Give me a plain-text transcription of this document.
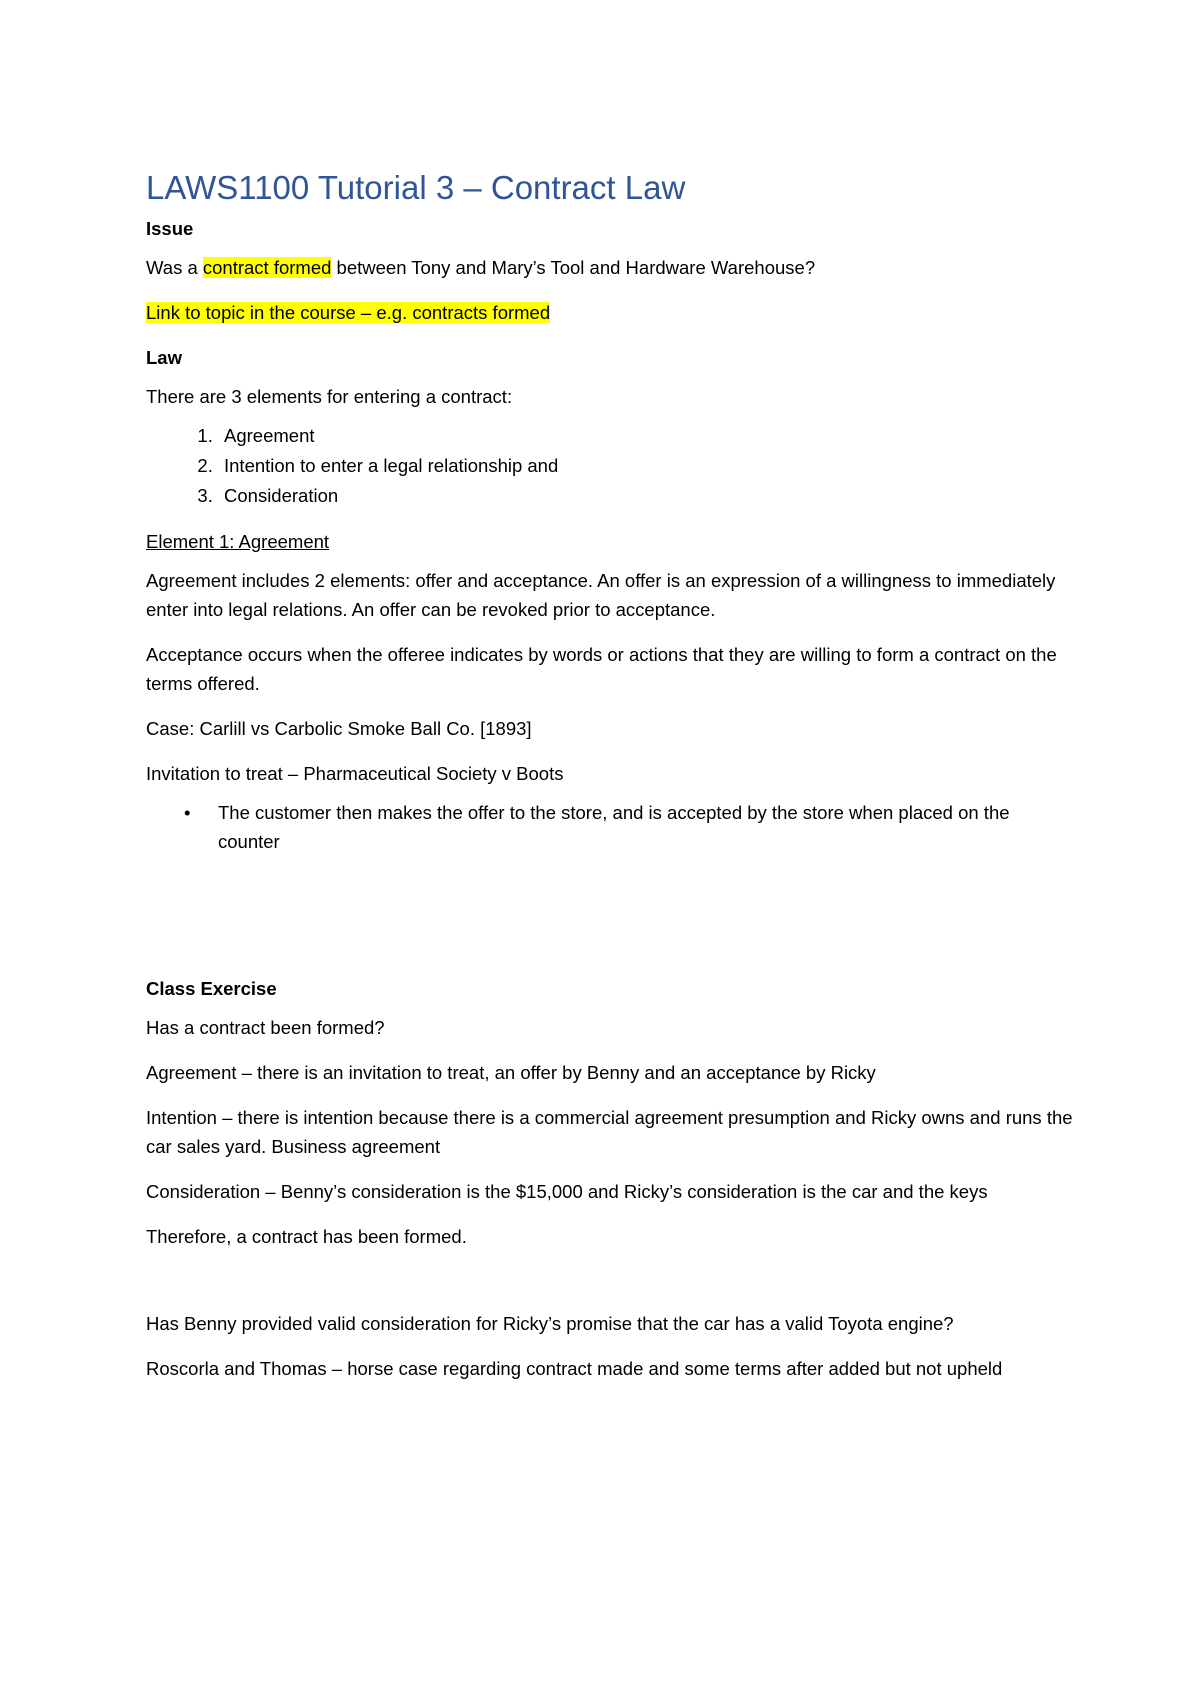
LAWS1100 Tutorial 3 – Contract Law
Issue
Was a contract formed between Tony and Mary’s Tool and Hardware Warehouse?
Link to topic in the course – e.g. contracts formed
Law
There are 3 elements for entering a contract:
1. Agreement
2. Intention to enter a legal relationship and
3. Consideration
Element 1: Agreement
Agreement includes 2 elements: offer and acceptance. An offer is an expression of a willingness to immediately enter into legal relations. An offer can be revoked prior to acceptance.
Acceptance occurs when the offeree indicates by words or actions that they are willing to form a contract on the terms offered.
Case: Carlill vs Carbolic Smoke Ball Co. [1893]
Invitation to treat – Pharmaceutical Society v Boots
• The customer then makes the offer to the store, and is accepted by the store when placed on the counter
Class Exercise
Has a contract been formed?
Agreement – there is an invitation to treat, an offer by Benny and an acceptance by Ricky
Intention – there is intention because there is a commercial agreement presumption and Ricky owns and runs the car sales yard. Business agreement
Consideration – Benny’s consideration is the $15,000 and Ricky’s consideration is the car and the keys
Therefore, a contract has been formed.
Has Benny provided valid consideration for Ricky’s promise that the car has a valid Toyota engine?
Roscorla and Thomas – horse case regarding contract made and some terms after added but not upheld
